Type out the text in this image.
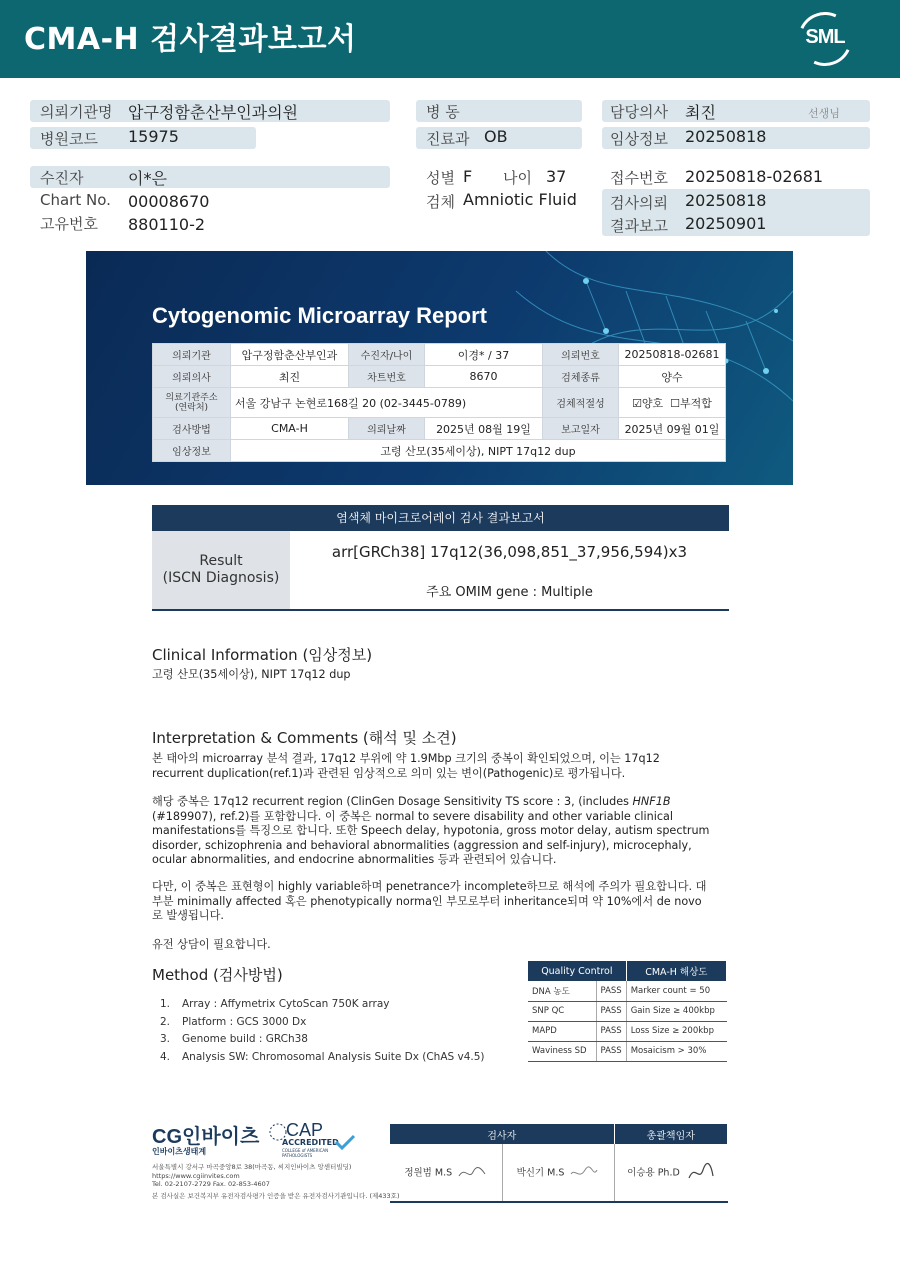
CMA-H 검사결과보고서	SML
의뢰기관명 압구정함춘산부인과의원
병원코드 15975
병 동
진료과 OB
담당의사 최진	선생님
임상정보 20250818
수진자	이*은
Chart No. 00008670
고유번호 880110-2
성별 F 나이 37
검체 Amniotic Fluid
접수번호 20250818-02681
검사의뢰 20250818
결과보고 20250901
Cytogenomic Microarray Report
의뢰기관	압구정함춘산부인과	수진자/나이	이경* / 37	의뢰번호	20250818-02681
의뢰의사	최진	차트번호	8670	검체종류	양수
의료기관주소
(연락처)	서울 강남구 논현로168길 20 (02-3445-0789)			검체적절성	☑양호  ☐부적합
검사방법	CMA-H	의뢰날짜	2025년 08월 19일	보고일자	2025년 09월 01일
임상정보	고령 산모(35세이상), NIPT 17q12 dup				
염색체 마이크로어레이 검사 결과보고서
Result
(ISCN Diagnosis)
arr[GRCh38] 17q12(36,098,851_37,956,594)x3
주요 OMIM gene : Multiple
Clinical Information (임상정보)
고령 산모(35세이상), NIPT 17q12 dup
Interpretation & Comments (해석 및 소견)
본 태아의 microarray 분석 결과, 17q12 부위에 약 1.9Mbp 크기의 중복이 확인되었으며, 이는 17q12 recurrent duplication(ref.1)과 관련된 임상적으로 의미 있는 변이(Pathogenic)로 평가됩니다.
해당 중복은 17q12 recurrent region (ClinGen Dosage Sensitivity TS score : 3, (includes HNF1B (#189907), ref.2)를 포함합니다. 이 중복은 normal to severe disability and other variable clinical manifestations를 특징으로 합니다. 또한 Speech delay, hypotonia, gross motor delay, autism spectrum disorder, schizophrenia and behavioral abnormalities (aggression and self-injury), microcephaly, ocular abnormalities, and endocrine abnormalities 등과 관련되어 있습니다.
다만, 이 중복은 표현형이 highly variable하며 penetrance가 incomplete하므로 해석에 주의가 필요합니다. 대부분 minimally affected 혹은 phenotypically norma인 부모로부터 inheritance되며 약 10%에서 de novo로 발생됩니다.
유전 상담이 필요합니다.
Method (검사방법)
1. Array : Affymetrix CytoScan 750K array
2. Platform : GCS 3000 Dx
3. Genome build : GRCh38
4. Analysis SW: Chromosomal Analysis Suite Dx (ChAS v4.5)
Quality Control		CMA-H 해상도
DNA 농도	PASS	Marker count = 50
SNP QC	PASS	Gain Size ≥ 400kbp
MAPD	PASS	Loss Size ≥ 200kbp
Waviness SD	PASS	Mosaicism > 30%
CG인바이츠
인바이츠생태계
CAP
ACCREDITED
COLLEGE of AMERICAN PATHOLOGISTS
서울특별시 강서구 마곡중앙8로 38(마곡동, 씨지인바이츠 앙센터빌딩)
https://www.cgiinvites.com
Tel. 02-2107-2729 Fax. 02-853-4607
본 검사실은 보건복지부 유전자검사평가 인증을 받은 유전자검사기관입니다. (제433호)
검사자		총괄책임자
정원범 M.S	박신기 M.S	이승용 Ph.D
